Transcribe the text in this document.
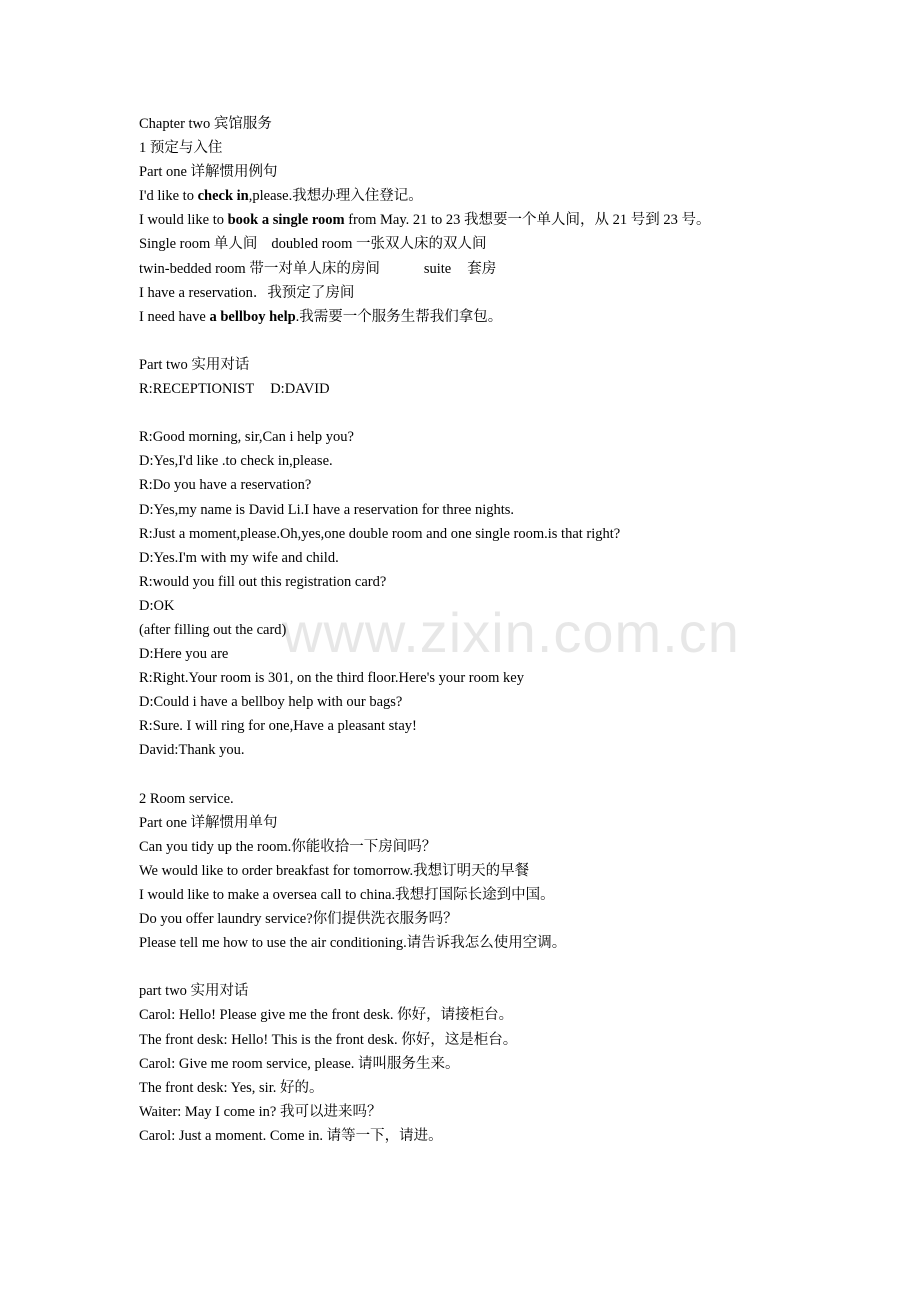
Chapter two 宾馆服务
1 预定与入住
Part one 详解惯用例句
I'd like to check in,please.我想办理入住登记。
I would like to book a single room from May. 21 to 23 我想要一个单人间，从 21 号到 23 号。
Single room 单人间 doubled room 一张双人床的双人间
twin-bedded room 带一对单人床的房间	suite 套房
I have a reservation．我预定了房间
I need have a bellboy help.我需要一个服务生帮我们拿包。
Part two 实用对话
R:RECEPTIONIST D:DAVID
R:Good morning, sir,Can i help you?
D:Yes,I'd like .to check in,please.
R:Do you have a reservation?
D:Yes,my name is David Li.I have a reservation for three nights.
R:Just a moment,please.Oh,yes,one double room and one single room.is that right?
D:Yes.I'm with my wife and child.
R:would you fill out this registration card?
D:OK
(after filling out the card)
D:Here you are
R:Right.Your room is 301, on the third floor.Here's your room key
D:Could i have a bellboy help with our bags?
R:Sure. I will ring for one,Have a pleasant stay!
David:Thank you.
2 Room service.
Part one 详解惯用单句
Can you tidy up the room.你能收拾一下房间吗？
We would like to order breakfast for tomorrow.我想订明天的早餐
I would like to make a oversea call to china.我想打国际长途到中国。
Do you offer laundry service?你们提供洗衣服务吗？
Please tell me how to use the air conditioning.请告诉我怎么使用空调。
part two 实用对话
Carol: Hello! Please give me the front desk. 你好，请接柜台。
The front desk: Hello! This is the front desk. 你好，这是柜台。
Carol: Give me room service, please. 请叫服务生来。
The front desk: Yes, sir. 好的。
Waiter: May I come in? 我可以进来吗？
Carol: Just a moment. Come in. 请等一下，请进。
www.zixin.com.cn
